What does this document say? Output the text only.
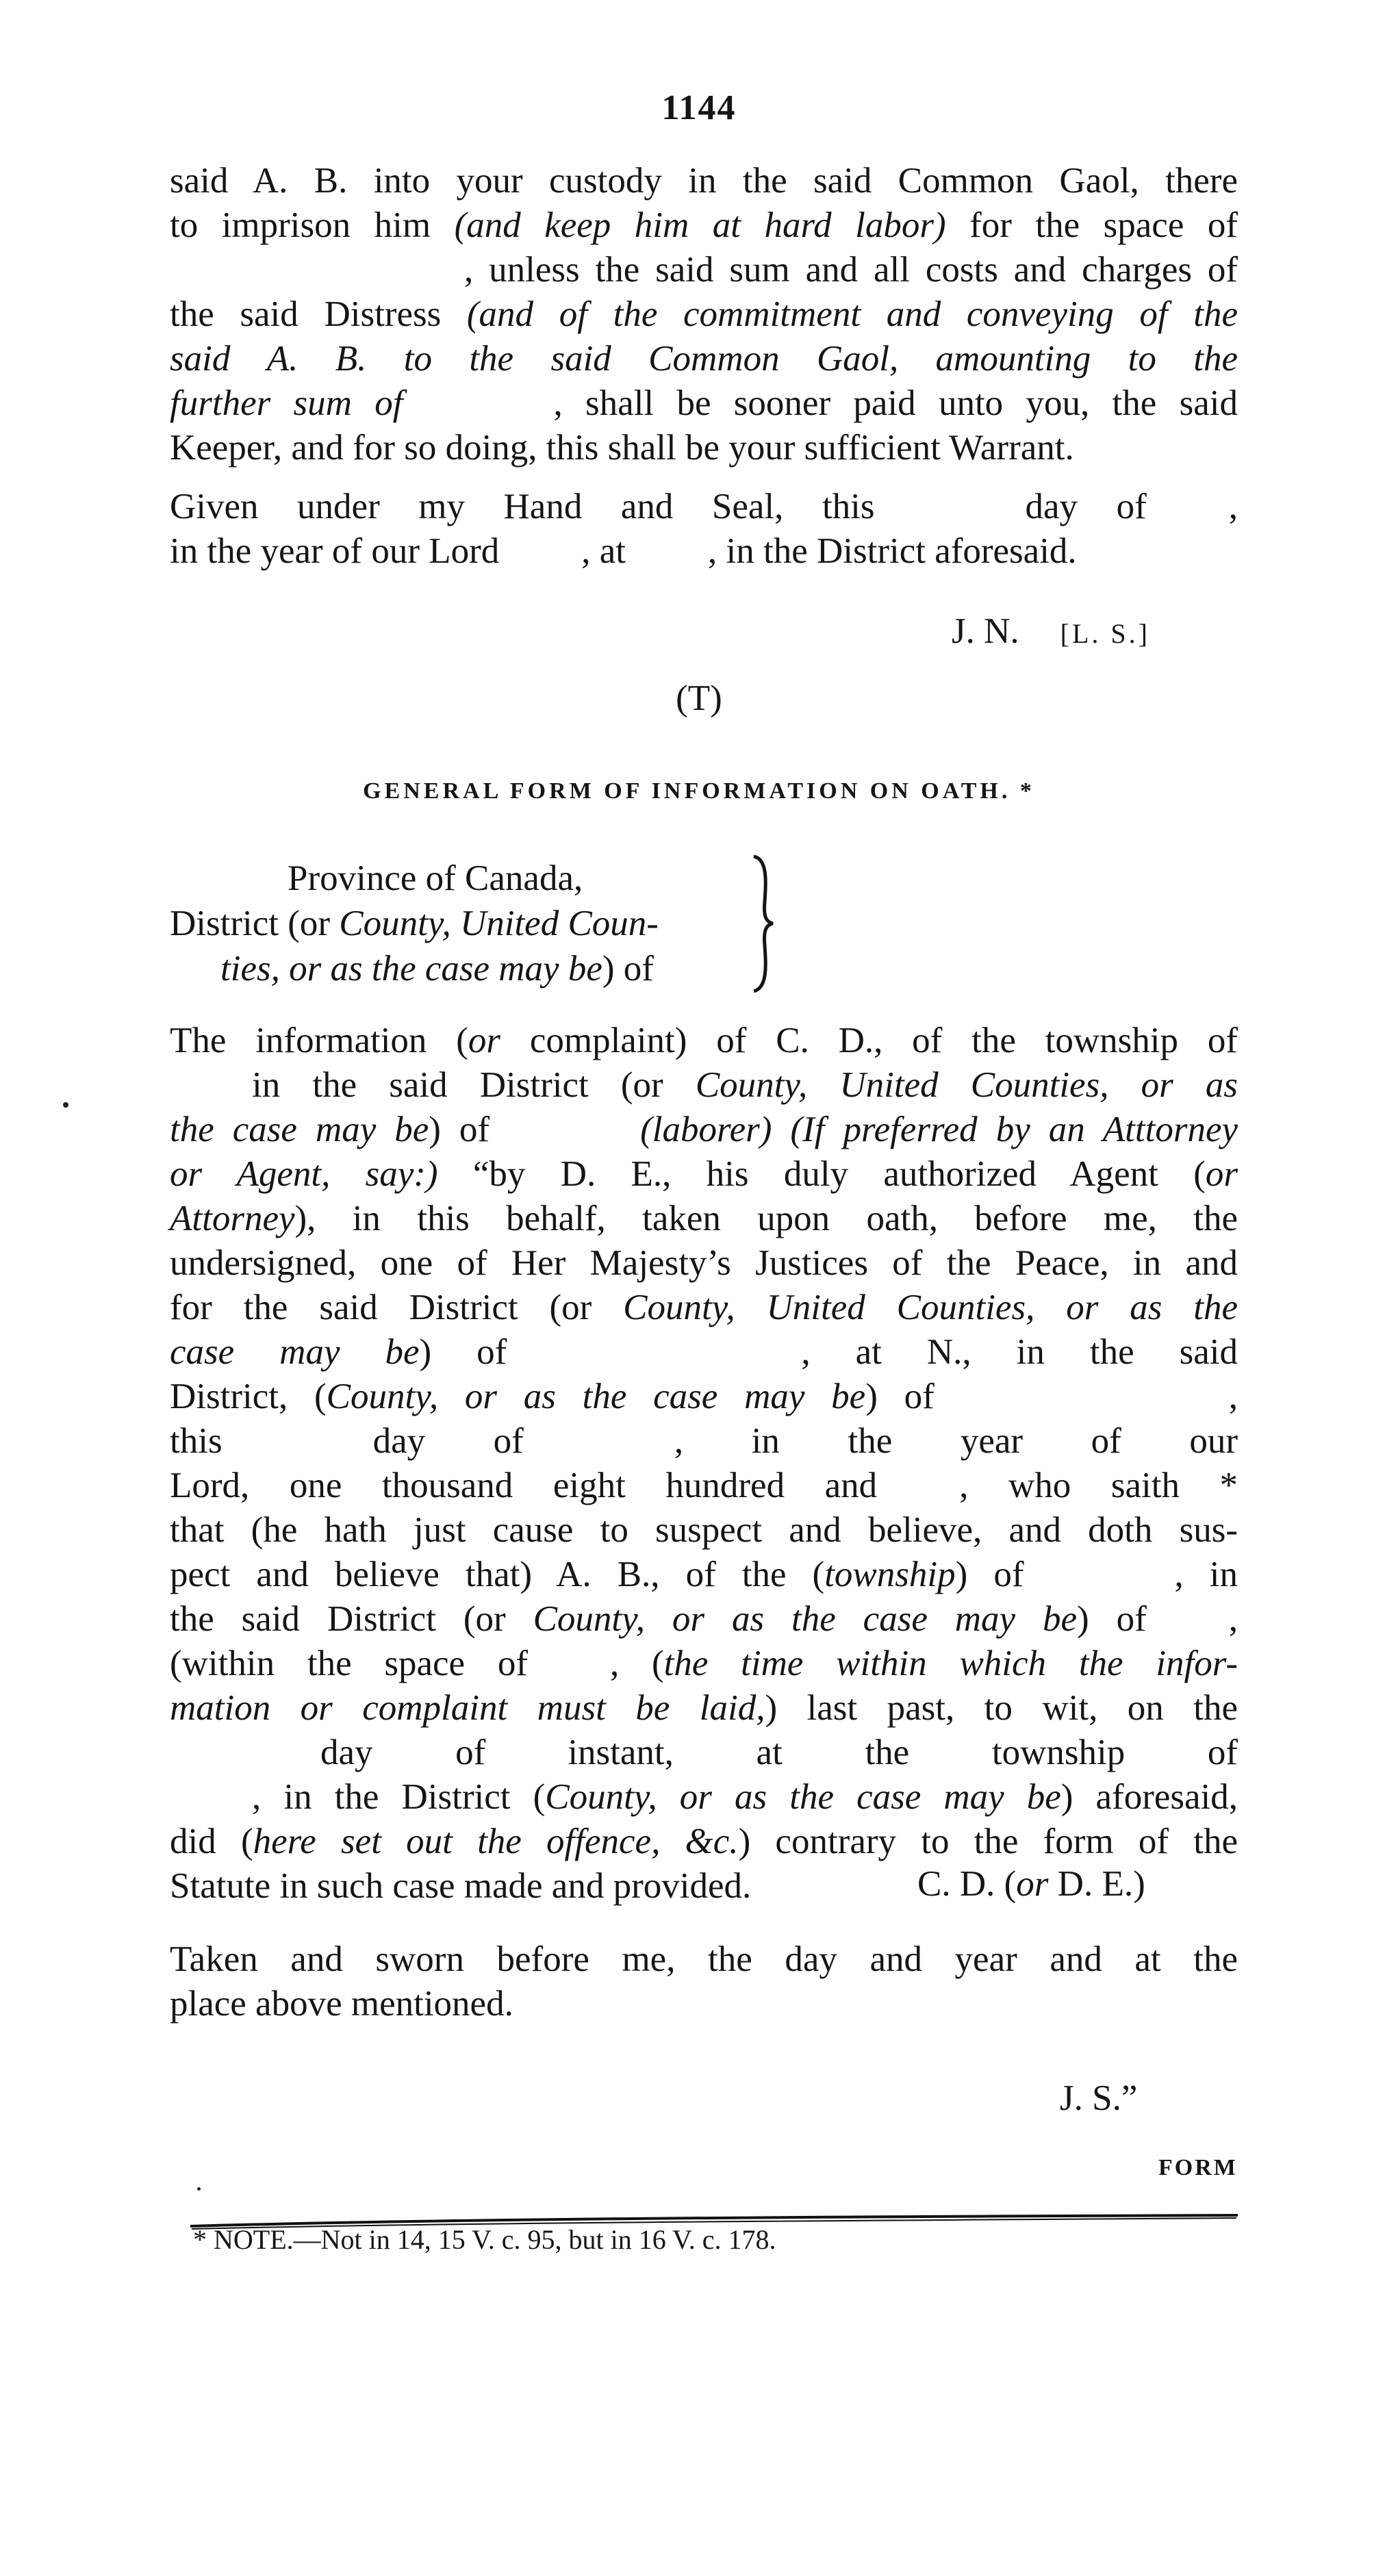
1144
said A. B. into your custody in the said Common Gaol, there
to imprison him (and keep him at hard labor) for the space of
, unless the said sum and all costs and charges of
the said Distress (and of the commitment and conveying of the
said A. B. to the said Common Gaol, amounting to the
further sum of	, shall be sooner paid unto you, the said
Keeper, and for so doing, this shall be your sufficient Warrant.
Given under my Hand and Seal, this	day of ,
in the year of our Lord , at , in the District aforesaid.
J. N. [L. S.]
(T)
GENERAL FORM OF INFORMATION ON OATH. *
Province of Canada,
District (or County, United Coun-
ties, or as the case may be) of
The information (or complaint) of C. D., of the township of
in the said District (or County, United Counties, or as
the case may be) of	(laborer) (If preferred by an Atttorney
or Agent, say:) “by D. E., his duly authorized Agent (or
Attorney), in this behalf, taken upon oath, before me, the
undersigned, one of Her Majesty’s Justices of the Peace, in and
for the said District (or County, United Counties, or as the
case may be) of	, at N., in the said
District, (County, or as the case may be) of	,
this	day of	, in the year of our
Lord, one thousand eight hundred and , who saith *
that (he hath just cause to suspect and believe, and doth sus-
pect and believe that) A. B., of the (township) of	, in
the said District (or County, or as the case may be) of ,
(within the space of , (the time within which the infor-
mation or complaint must be laid,) last past, to wit, on the
day of instant, at the township of
, in the District (County, or as the case may be) aforesaid,
did (here set out the offence, &c.) contrary to the form of the
Statute in such case made and provided.	C. D. (or D. E.)
Taken and sworn before me, the day and year and at the
place above mentioned.
J. S.”
FORM
* NOTE.—Not in 14, 15 V. c. 95, but in 16 V. c. 178.
